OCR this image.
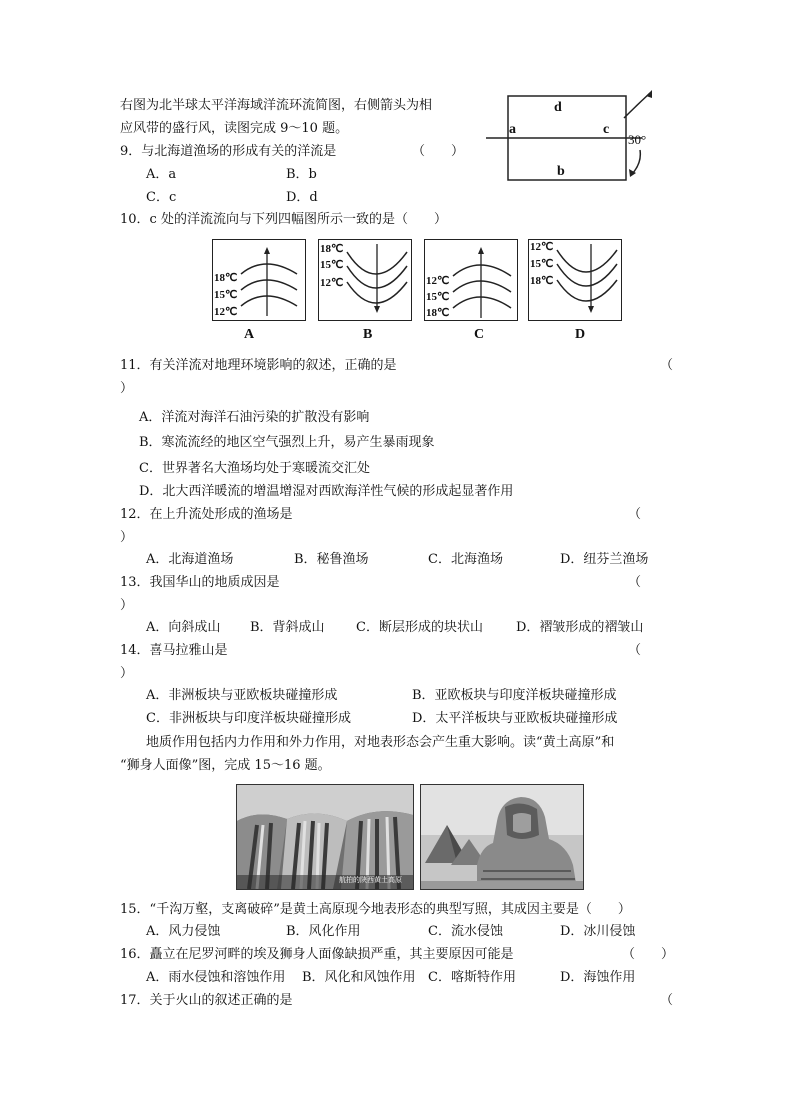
右图为北半球太平洋海域洋流环流简图，右侧箭头为相
应风带的盛行风，读图完成 9～10 题。
d
a	c
b
30°
9．与北海道渔场的形成有关的洋流是	（　　）
A．a	B．b
C．c	D．d
10．c 处的洋流流向与下列四幅图所示一致的是（　　）
18℃
15℃
12℃
A
18℃
15℃
12℃
B
12℃
15℃
18℃
C
12℃
15℃
18℃
D
11．有关洋流对地理环境影响的叙述，正确的是	（
）
A．洋流对海洋石油污染的扩散没有影响
B．寒流流经的地区空气强烈上升，易产生暴雨现象
C．世界著名大渔场均处于寒暖流交汇处
D．北大西洋暖流的增温增湿对西欧海洋性气候的形成起显著作用
12．在上升流处形成的渔场是	（
）
A．北海道渔场	B．秘鲁渔场	C．北海渔场	D．纽芬兰渔场
13．我国华山的地质成因是	（
）
A．向斜成山 B．背斜成山 C．断层形成的块状山	D．褶皱形成的褶皱山
14．喜马拉雅山是	（
）
A．非洲板块与亚欧板块碰撞形成	B．亚欧板块与印度洋板块碰撞形成
C．非洲板块与印度洋板块碰撞形成	D．太平洋板块与亚欧板块碰撞形成
地质作用包括内力作用和外力作用，对地表形态会产生重大影响。读“黄土高原”和
“狮身人面像”图，完成 15～16 题。
航拍的陕西黄土高原
15．“千沟万壑，支离破碎”是黄土高原现今地表形态的典型写照，其成因主要是（　　）
A．风力侵蚀	B．风化作用	C．流水侵蚀	D．冰川侵蚀
16．矗立在尼罗河畔的埃及狮身人面像缺损严重，其主要原因可能是	（　　）
A．雨水侵蚀和溶蚀作用 B．风化和风蚀作用 C．喀斯特作用	D．海蚀作用
17．关于火山的叙述正确的是	（
